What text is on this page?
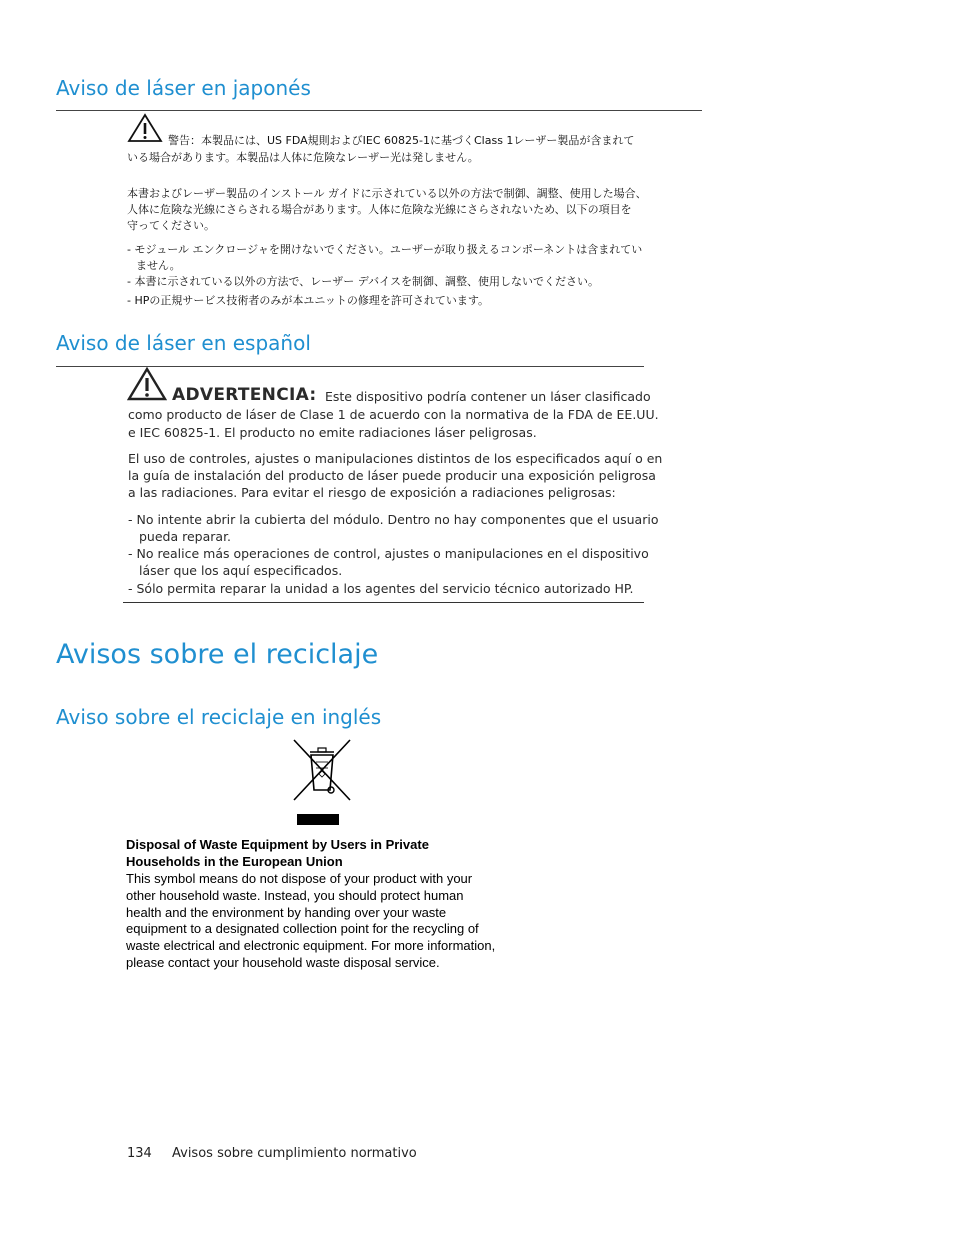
Aviso de láser en japonés
警告：本製品には、US FDA規則およびIEC 60825-1に基づくClass 1レーザー製品が含まれて
いる場合があります。本製品は人体に危険なレーザー光は発しません。
本書およびレーザー製品のインストール ガイドに示されている以外の方法で制御、調整、使用した場合、
人体に危険な光線にさらされる場合があります。人体に危険な光線にさらされないため、以下の項目を
守ってください。
- モジュール エンクロージャを開けないでください。ユーザーが取り扱えるコンポーネントは含まれてい
ません。
- 本書に示されている以外の方法で、レーザー デバイスを制御、調整、使用しないでください。
- HPの正規サービス技術者のみが本ユニットの修理を許可されています。
Aviso de láser en español
ADVERTENCIA: Este dispositivo podría contener un láser clasificado
como producto de láser de Clase 1 de acuerdo con la normativa de la FDA de EE.UU.
e IEC 60825-1. El producto no emite radiaciones láser peligrosas.
El uso de controles, ajustes o manipulaciones distintos de los especificados aquí o en
la guía de instalación del producto de láser puede producir una exposición peligrosa
a las radiaciones. Para evitar el riesgo de exposición a radiaciones peligrosas:
- No intente abrir la cubierta del módulo. Dentro no hay componentes que el usuario
pueda reparar.
- No realice más operaciones de control, ajustes o manipulaciones en el dispositivo
láser que los aquí especificados.
- Sólo permita reparar la unidad a los agentes del servicio técnico autorizado HP.
Avisos sobre el reciclaje
Aviso sobre el reciclaje en inglés
Disposal of Waste Equipment by Users in Private
Households in the European Union
This symbol means do not dispose of your product with your
other household waste. Instead, you should protect human
health and the environment by handing over your waste
equipment to a designated collection point for the recycling of
waste electrical and electronic equipment. For more information,
please contact your household waste disposal service.
134 Avisos sobre cumplimiento normativo
